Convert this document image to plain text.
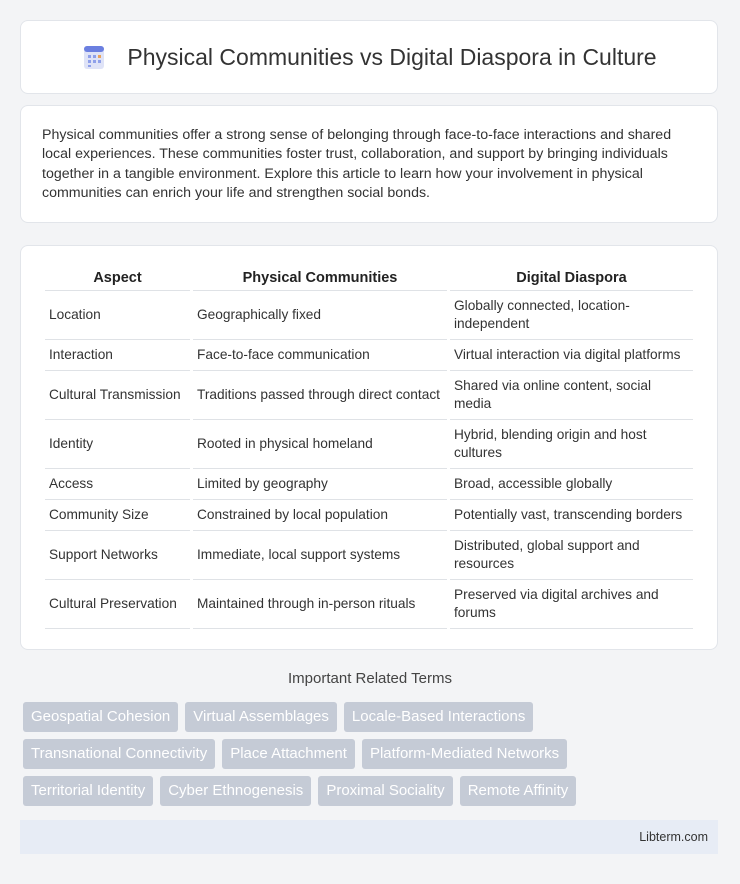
Physical Communities vs Digital Diaspora in Culture

Physical communities offer a strong sense of belonging through face-to-face interactions and shared local experiences. These communities foster trust, collaboration, and support by bringing individuals together in a tangible environment. Explore this article to learn how your involvement in physical communities can enrich your life and strengthen social bonds.

Aspect	Physical Communities	Digital Diaspora
Location	Geographically fixed	Globally connected, location-independent
Interaction	Face-to-face communication	Virtual interaction via digital platforms
Cultural Transmission	Traditions passed through direct contact	Shared via online content, social media
Identity	Rooted in physical homeland	Hybrid, blending origin and host cultures
Access	Limited by geography	Broad, accessible globally
Community Size	Constrained by local population	Potentially vast, transcending borders
Support Networks	Immediate, local support systems	Distributed, global support and resources
Cultural Preservation	Maintained through in-person rituals	Preserved via digital archives and forums
Important Related Terms
Geospatial Cohesion	Virtual Assemblages	Locale-Based Interactions
Transnational Connectivity	Place Attachment	Platform-Mediated Networks
Territorial Identity	Cyber Ethnogenesis	Proximal Sociality	Remote Affinity
Libterm.com
